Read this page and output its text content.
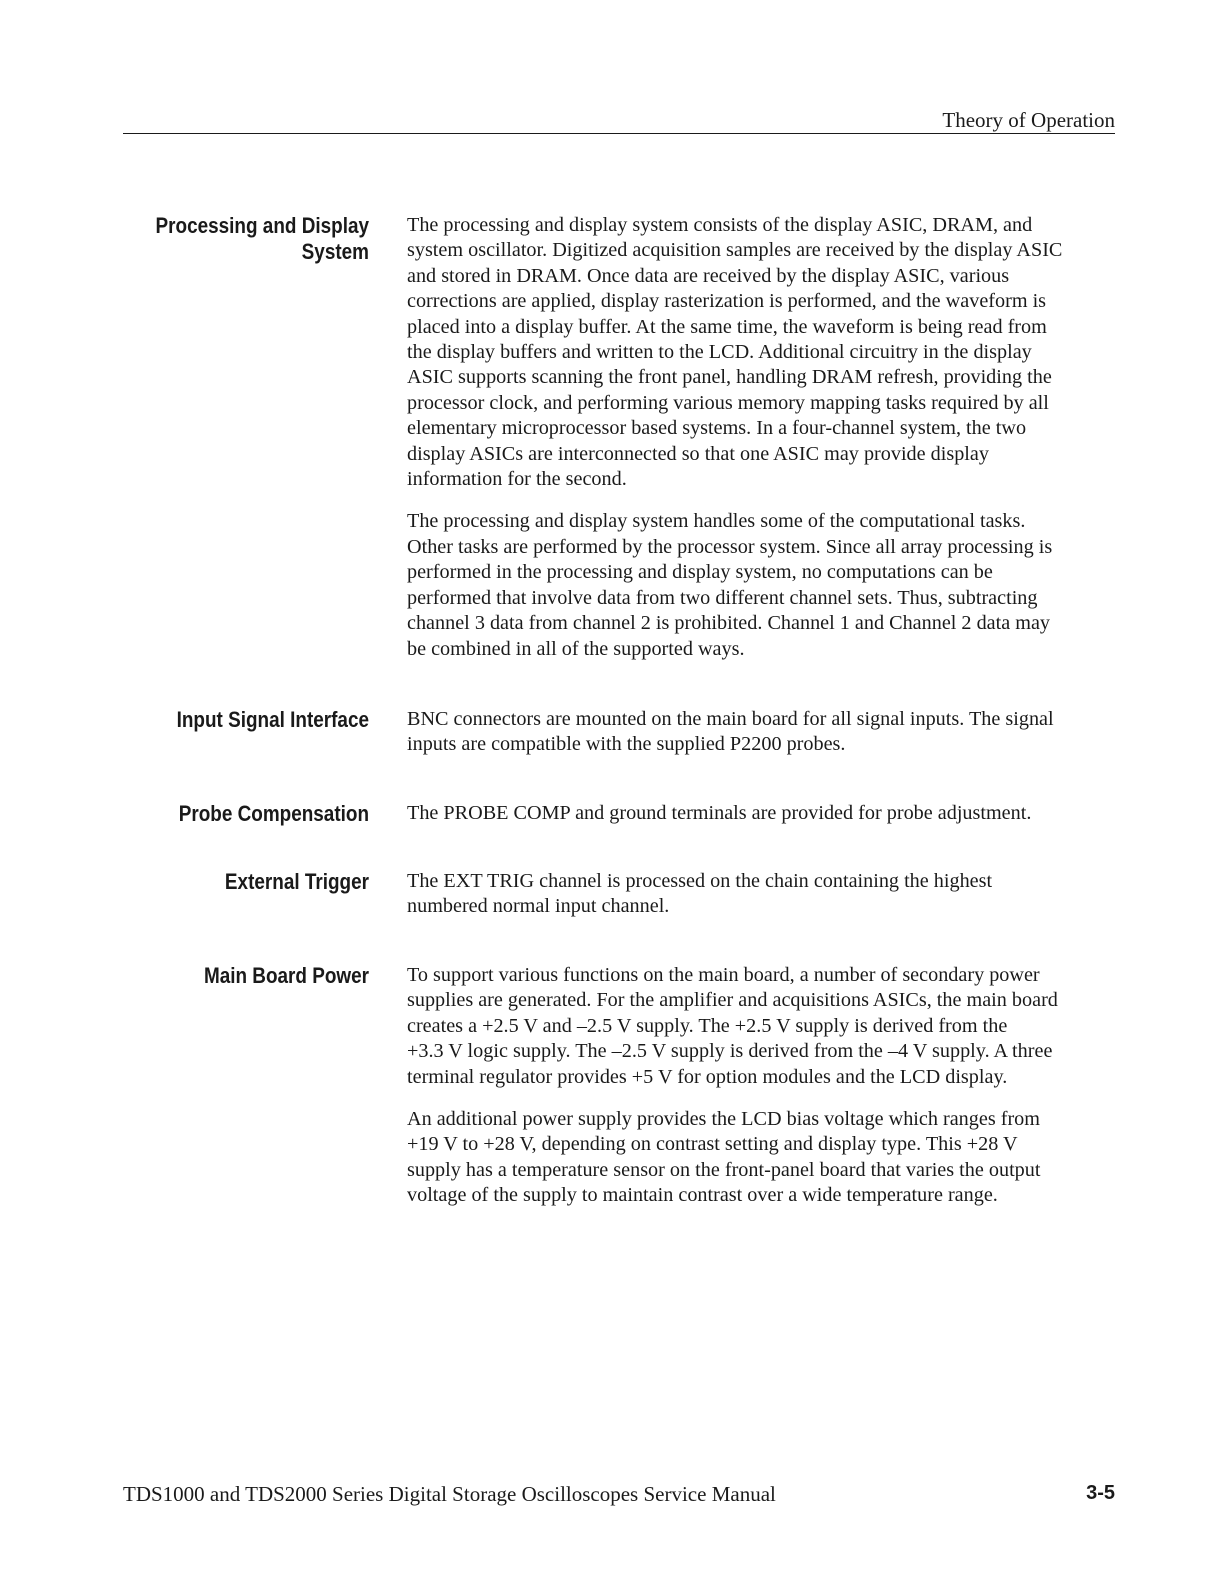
Theory of Operation
Processing and Display
System

The processing and display system consists of the display ASIC, DRAM, and
system oscillator. Digitized acquisition samples are received by the display ASIC
and stored in DRAM. Once data are received by the display ASIC, various
corrections are applied, display rasterization is performed, and the waveform is
placed into a display buffer. At the same time, the waveform is being read from
the display buffers and written to the LCD. Additional circuitry in the display
ASIC supports scanning the front panel, handling DRAM refresh, providing the
processor clock, and performing various memory mapping tasks required by all
elementary microprocessor based systems. In a four-channel system, the two
display ASICs are interconnected so that one ASIC may provide display
information for the second.

The processing and display system handles some of the computational tasks.
Other tasks are performed by the processor system. Since all array processing is
performed in the processing and display system, no computations can be
performed that involve data from two different channel sets. Thus, subtracting
channel 3 data from channel 2 is prohibited. Channel 1 and Channel 2 data may
be combined in all of the supported ways.

Input Signal Interface BNC connectors are mounted on the main board for all signal inputs. The signal
inputs are compatible with the supplied P2200 probes.

Probe Compensation The PROBE COMP and ground terminals are provided for probe adjustment.

External Trigger The EXT TRIG channel is processed on the chain containing the highest
numbered normal input channel.

Main Board Power To support various functions on the main board, a number of secondary power
supplies are generated. For the amplifier and acquisitions ASICs, the main board
creates a +2.5 V and –2.5 V supply. The +2.5 V supply is derived from the
+3.3 V logic supply. The –2.5 V supply is derived from the –4 V supply. A three
terminal regulator provides +5 V for option modules and the LCD display.

An additional power supply provides the LCD bias voltage which ranges from
+19 V to +28 V, depending on contrast setting and display type. This +28 V
supply has a temperature sensor on the front-panel board that varies the output
voltage of the supply to maintain contrast over a wide temperature range.

TDS1000 and TDS2000 Series Digital Storage Oscilloscopes Service Manual	3-5
